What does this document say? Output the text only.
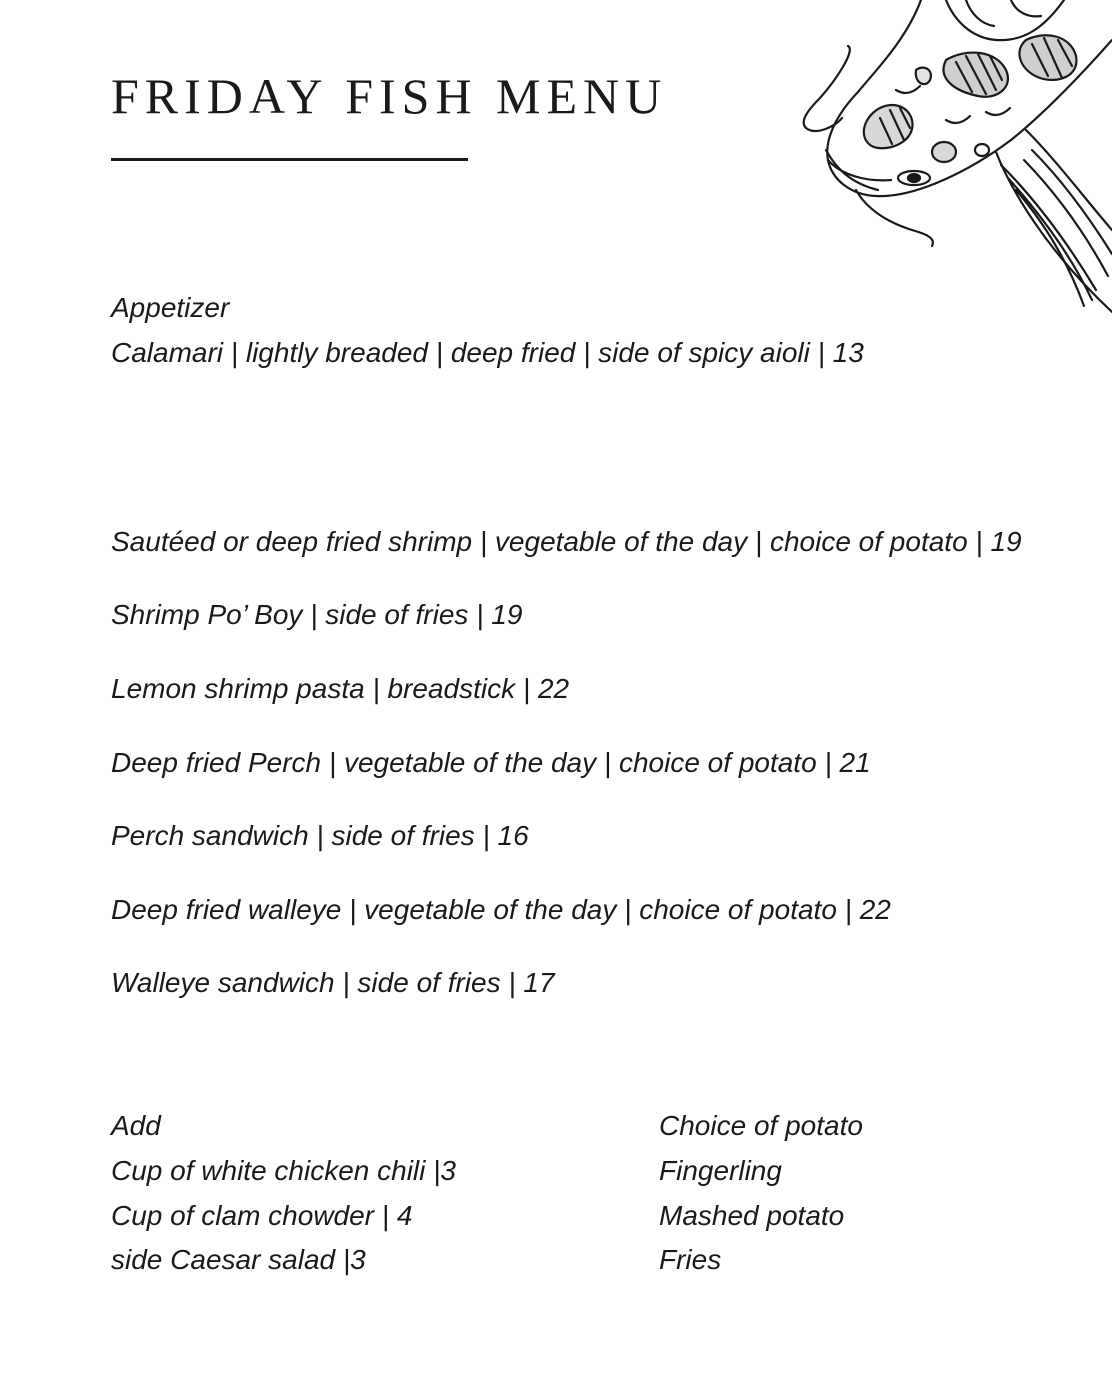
FRIDAY FISH MENU

Appetizer

Calamari | lightly breaded | deep fried | side of spicy aioli | 13

Sautéed or deep fried shrimp | vegetable of the day | choice of potato | 19

Shrimp Po’ Boy | side of fries | 19

Lemon shrimp pasta | breadstick | 22

Deep fried Perch | vegetable of the day | choice of potato | 21

Perch sandwich | side of fries | 16

Deep fried walleye | vegetable of the day | choice of potato | 22

Walleye sandwich | side of fries | 17

Add

Cup of white chicken chili |3

Cup of clam chowder | 4

side Caesar salad |3

Choice of potato

Fingerling

Mashed potato

Fries
